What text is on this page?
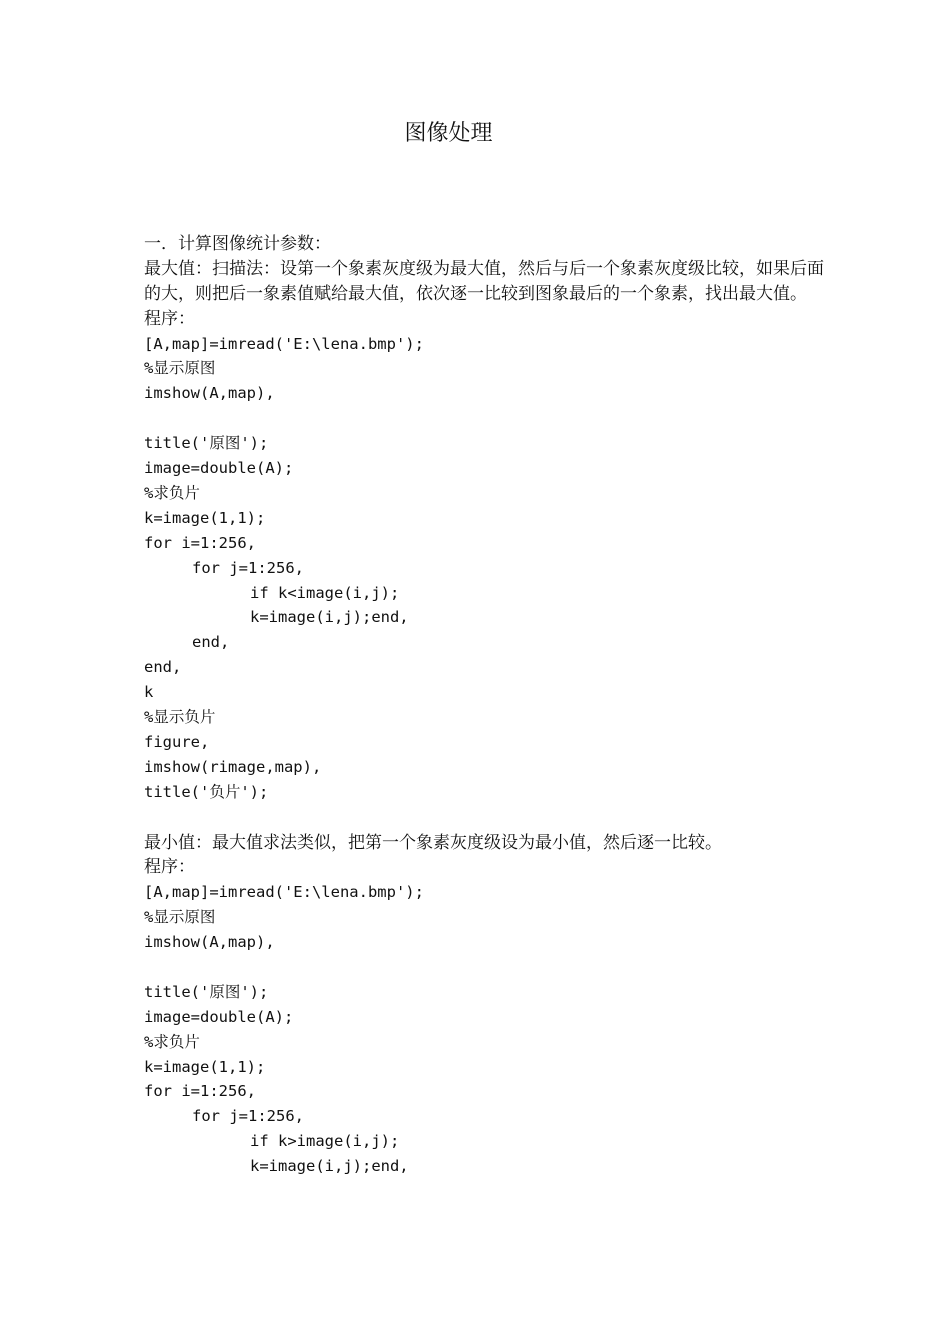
图像处理
一．计算图像统计参数：
最大值：扫描法：设第一个象素灰度级为最大值，然后与后一个象素灰度级比较，如果后面的大，则把后一象素值赋给最大值，依次逐一比较到图象最后的一个象素，找出最大值。
程序：
[A,map]=imread('E:\lena.bmp');
%显示原图
imshow(A,map),
title('原图');
image=double(A);
%求负片
k=image(1,1);
for i=1:256,
for j=1:256,
if k<image(i,j);
k=image(i,j);end,
end,
end,
k
%显示负片
figure,
imshow(rimage,map),
title('负片');
最小值：最大值求法类似，把第一个象素灰度级设为最小值，然后逐一比较。
程序：
[A,map]=imread('E:\lena.bmp');
%显示原图
imshow(A,map),
title('原图');
image=double(A);
%求负片
k=image(1,1);
for i=1:256,
for j=1:256,
if k>image(i,j);
k=image(i,j);end,
